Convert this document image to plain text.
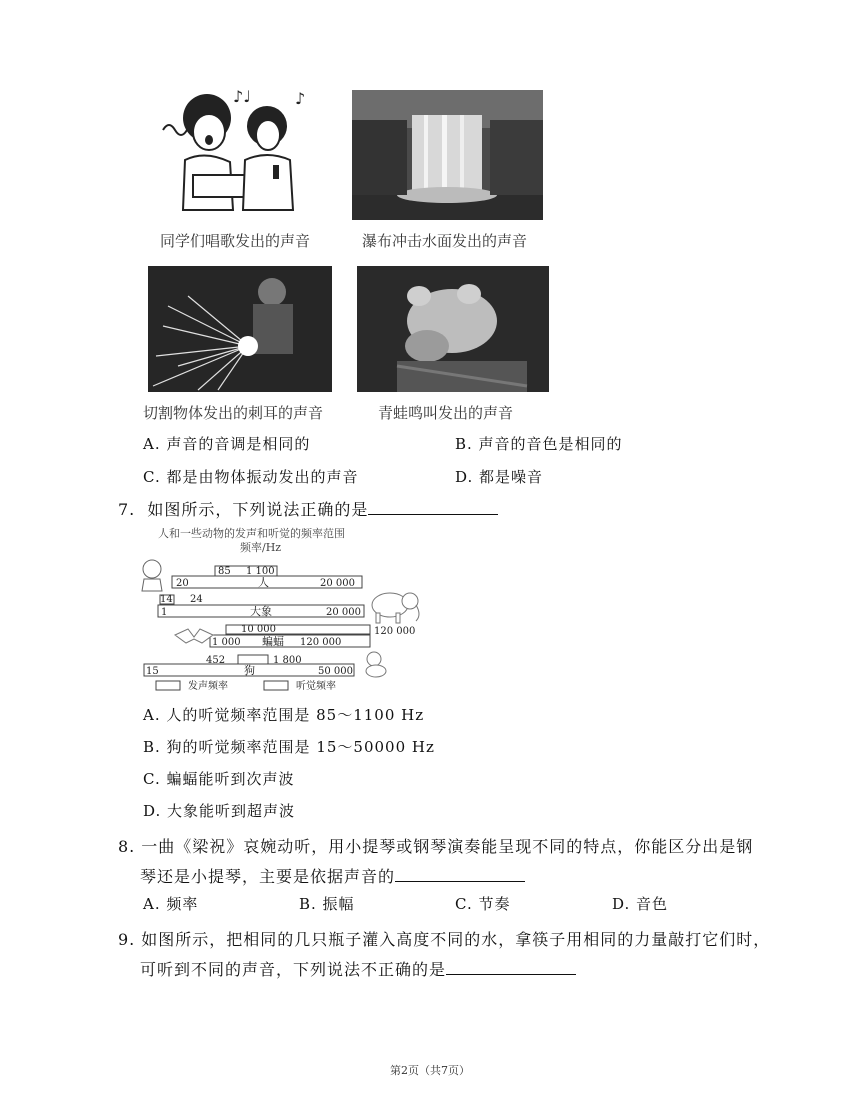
♪♩	♪
同学们唱歌发出的声音	瀑布冲击水面发出的声音
切割物体发出的刺耳的声音	青蛙鸣叫发出的声音
A. 声音的音调是相同的	B. 声音的音色是相同的
C. 都是由物体振动发出的声音	D. 都是噪音
7. 如图所示，下列说法正确的是
人和一些动物的发声和听觉的频率范围
频率/Hz
85 1 100
20	人	20 000
14 24
1	大象	20 000
10 000	120 000
1 000 蝙蝠 120 000
452	1 800
15	狗	50 000
发声频率	听觉频率
A. 人的听觉频率范围是 85～1100 Hz
B. 狗的听觉频率范围是 15～50000 Hz
C. 蝙蝠能听到次声波
D. 大象能听到超声波
8. 一曲《梁祝》哀婉动听，用小提琴或钢琴演奏能呈现不同的特点，你能区分出是钢
琴还是小提琴，主要是依据声音的
A. 频率	B. 振幅	C. 节奏	D. 音色
9. 如图所示，把相同的几只瓶子灌入高度不同的水，拿筷子用相同的力量敲打它们时，
可听到不同的声音，下列说法不正确的是
第2页（共7页）
